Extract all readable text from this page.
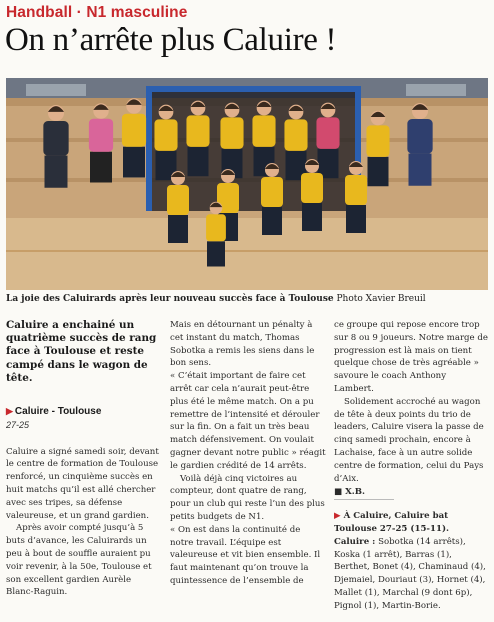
Handball · N1 masculine
On n’arrête plus Caluire !
La joie des Caluirards après leur nouveau succès face à Toulouse Photo Xavier Breuil

Caluire a enchainé un quatrième succès de rang face à Toulouse et reste campé dans le wagon de tête.

▶ Caluire - Toulouse
27-25

Caluire a signé samedi soir, devant le centre de formation de Toulouse renforcé, un cinquième succès en huit matchs qu’il est allé chercher avec ses tripes, sa défense valeureuse, et un grand gardien.

Après avoir compté jusqu’à 5 buts d’avance, les Caluirards un peu à bout de souffle auraient pu voir revenir, à la 50e, Toulouse et son excellent gardien Aurèle Blanc-Raguin.

Mais en détournant un pénalty à cet instant du match, Thomas Sobotka a remis les siens dans le bon sens.

« C’était important de faire cet arrêt car cela n’aurait peut-être plus été le même match. On a pu remettre de l’intensité et dérouler sur la fin. On a fait un très beau match défensivement. On voulait gagner devant notre public » réagit le gardien crédité de 14 arrêts.

Voilà déjà cinq victoires au compteur, dont quatre de rang, pour un club qui reste l’un des plus petits budgets de N1.

« On est dans la continuité de notre travail. L’équipe est valeureuse et vit bien ensemble. Il faut maintenant qu’on trouve la quintessence de l’ensemble de

ce groupe qui repose encore trop sur 8 ou 9 joueurs. Notre marge de progression est là mais on tient quelque chose de très agréable » savoure le coach Anthony Lambert.

Solidement accroché au wagon de tête à deux points du trio de leaders, Caluire visera la passe de cinq samedi prochain, encore à Lachaise, face à un autre solide centre de formation, celui du Pays d’Aix.

■ X.B.

▶ À Caluire, Caluire bat Toulouse 27-25 (15-11).

Caluire : Sobotka (14 arrêts), Koska (1 arrêt), Barras (1), Berthet, Bonet (4), Chaminaud (4), Djemaiel, Douriaut (3), Hornet (4), Mallet (1), Marchal (9 dont 6p), Pignol (1), Martin-Borie.
